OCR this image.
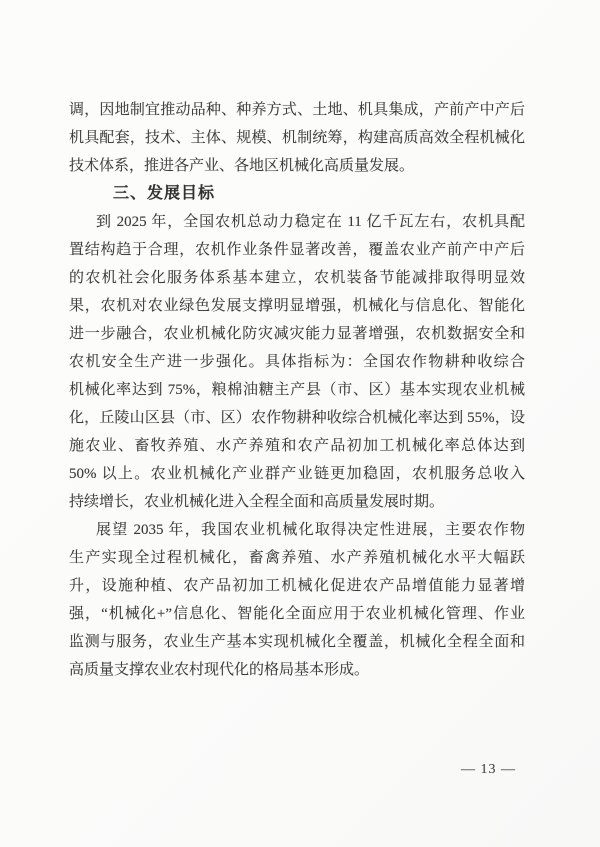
调，因地制宜推动品种、种养方式、土地、机具集成，产前产中产后
机具配套，技术、主体、规模、机制统筹，构建高质高效全程机械化
技术体系，推进各产业、各地区机械化高质量发展。
三、发展目标
到 2025 年，全国农机总动力稳定在 11 亿千瓦左右，农机具配
置结构趋于合理，农机作业条件显著改善，覆盖农业产前产中产后
的农机社会化服务体系基本建立，农机装备节能减排取得明显效
果，农机对农业绿色发展支撑明显增强，机械化与信息化、智能化
进一步融合，农业机械化防灾减灾能力显著增强，农机数据安全和
农机安全生产进一步强化。具体指标为：全国农作物耕种收综合
机械化率达到 75%，粮棉油糖主产县（市、区）基本实现农业机械
化，丘陵山区县（市、区）农作物耕种收综合机械化率达到 55%，设
施农业、畜牧养殖、水产养殖和农产品初加工机械化率总体达到
50% 以上。农业机械化产业群产业链更加稳固，农机服务总收入
持续增长，农业机械化进入全程全面和高质量发展时期。
展望 2035 年，我国农业机械化取得决定性进展，主要农作物
生产实现全过程机械化，畜禽养殖、水产养殖机械化水平大幅跃
升，设施种植、农产品初加工机械化促进农产品增值能力显著增
强，“机械化+”信息化、智能化全面应用于农业机械化管理、作业
监测与服务，农业生产基本实现机械化全覆盖，机械化全程全面和
高质量支撑农业农村现代化的格局基本形成。
— 13 —
